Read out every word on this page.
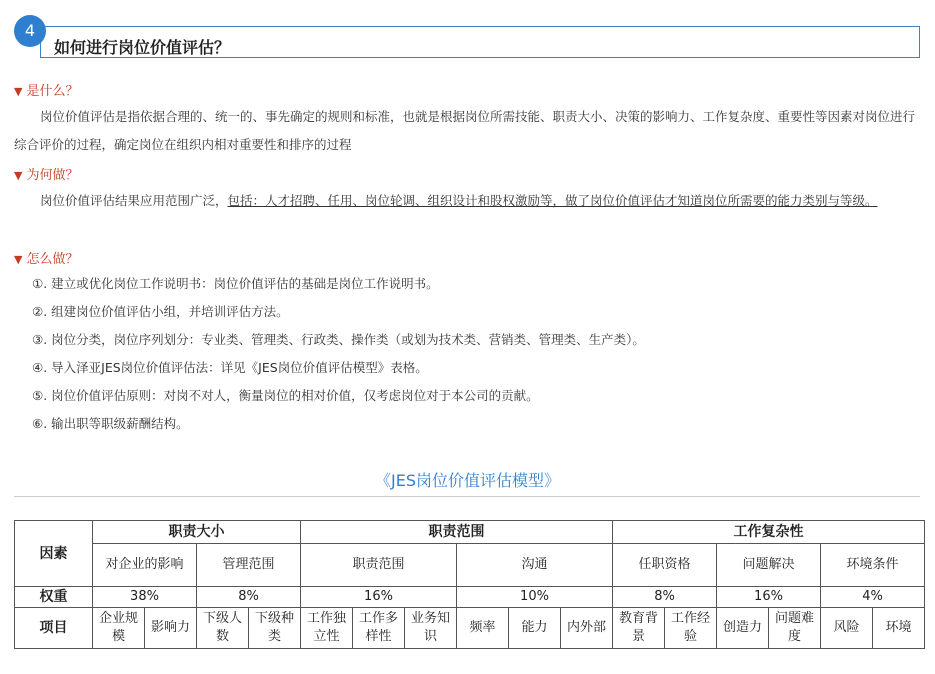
4
如何进行岗位价值评估？
▼ 是什么？
岗位价值评估是指依据合理的、统一的、事先确定的规则和标准，也就是根据岗位所需技能、职责大小、决策的影响力、工作复杂度、重要性等因素对岗位进行综合评价的过程，确定岗位在组织内相对重要性和排序的过程
▼ 为何做？
岗位价值评估结果应用范围广泛，包括：人才招聘、任用、岗位轮调、组织设计和股权激励等，做了岗位价值评估才知道岗位所需要的能力类别与等级。
▼ 怎么做？
①. 建立或优化岗位工作说明书：岗位价值评估的基础是岗位工作说明书。
②. 组建岗位价值评估小组，并培训评估方法。
③. 岗位分类，岗位序列划分：专业类、管理类、行政类、操作类（或划为技术类、营销类、管理类、生产类）。
④. 导入泽亚JES岗位价值评估法：详见《JES岗位价值评估模型》表格。
⑤. 岗位价值评估原则：对岗不对人，衡量岗位的相对价值，仅考虑岗位对于本公司的贡献。
⑥. 输出职等职级薪酬结构。
《JES岗位价值评估模型》
因素	职责大小				职责范围						工作复杂性					
	对企业的影响		管理范围		职责范围			沟通			任职资格		问题解决		环境条件	
权重	38%		8%		16%			10%			8%		16%		4%	
项目	企业规模	影响力	下级人数	下级种类	工作独立性	工作多样性	业务知识	频率	能力	内外部	教育背景	工作经验	创造力	问题难度	风险	环境
